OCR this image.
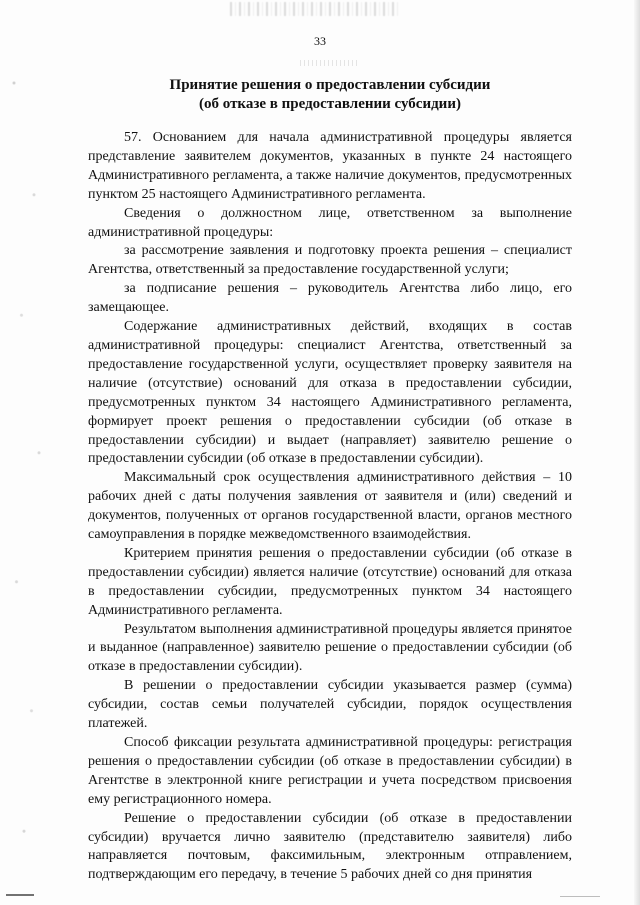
33
Принятие решения о предоставлении субсидии
(об отказе в предоставлении субсидии)

57. Основанием для начала административной процедуры является представление заявителем документов, указанных в пункте 24 настоящего Административного регламента, а также наличие документов, предусмотренных пунктом 25 настоящего Административного регламента.

Сведения о должностном лице, ответственном за выполнение административной процедуры:

за рассмотрение заявления и подготовку проекта решения – специалист Агентства, ответственный за предоставление государственной услуги;

за подписание решения – руководитель Агентства либо лицо, его замещающее.

Содержание административных действий, входящих в состав административной процедуры: специалист Агентства, ответственный за предоставление государственной услуги, осуществляет проверку заявителя на наличие (отсутствие) оснований для отказа в предоставлении субсидии, предусмотренных пунктом 34 настоящего Административного регламента, формирует проект решения о предоставлении субсидии (об отказе в предоставлении субсидии) и выдает (направляет) заявителю решение о предоставлении субсидии (об отказе в предоставлении субсидии).

Максимальный срок осуществления административного действия – 10 рабочих дней с даты получения заявления от заявителя и (или) сведений и документов, полученных от органов государственной власти, органов местного самоуправления в порядке межведомственного взаимодействия.

Критерием принятия решения о предоставлении субсидии (об отказе в предоставлении субсидии) является наличие (отсутствие) оснований для отказа в предоставлении субсидии, предусмотренных пунктом 34 настоящего Административного регламента.

Результатом выполнения административной процедуры является принятое и выданное (направленное) заявителю решение о предоставлении субсидии (об отказе в предоставлении субсидии).

В решении о предоставлении субсидии указывается размер (сумма) субсидии, состав семьи получателей субсидии, порядок осуществления платежей.

Способ фиксации результата административной процедуры: регистрация решения о предоставлении субсидии (об отказе в предоставлении субсидии) в Агентстве в электронной книге регистрации и учета посредством присвоения ему регистрационного номера.

Решение о предоставлении субсидии (об отказе в предоставлении субсидии) вручается лично заявителю (представителю заявителя) либо направляется почтовым, факсимильным, электронным отправлением, подтверждающим его передачу, в течение 5 рабочих дней со дня принятия
